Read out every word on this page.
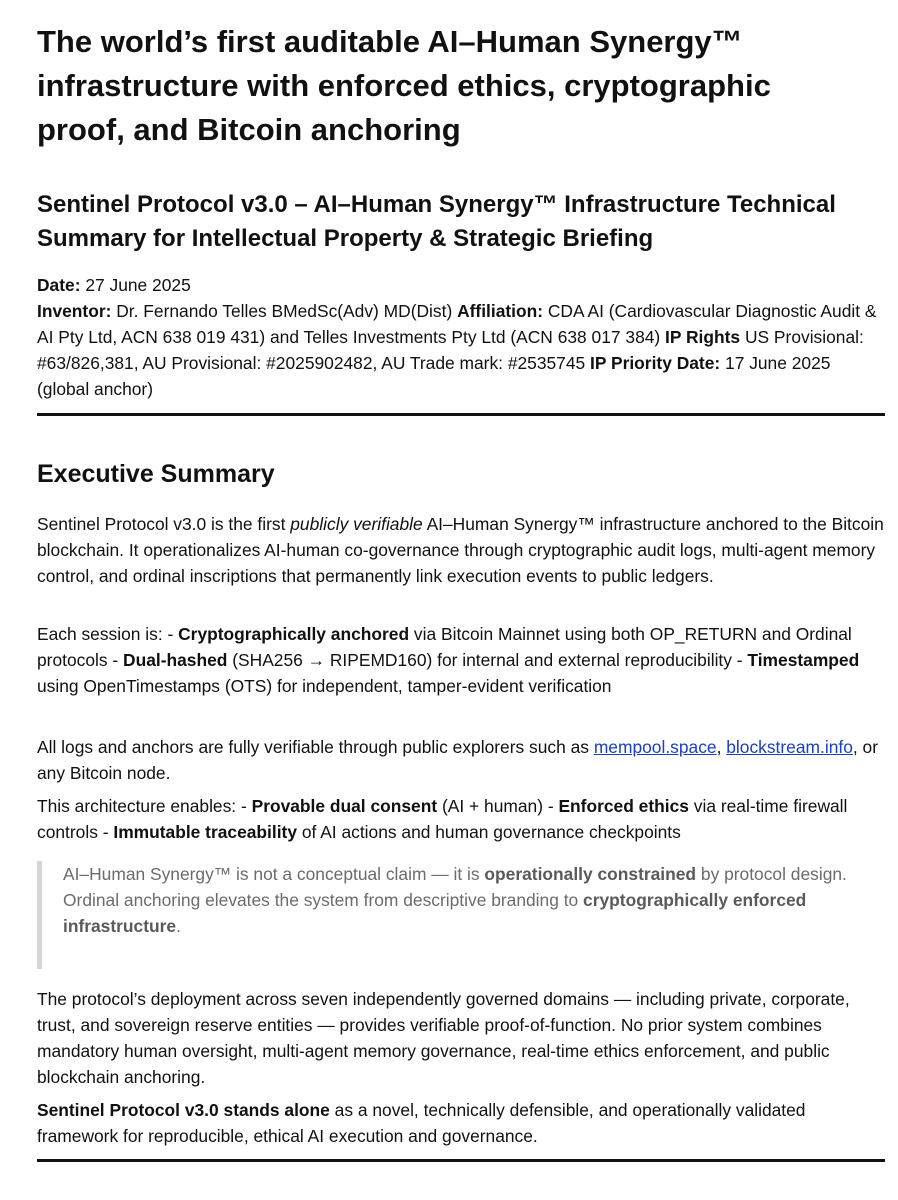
The world’s first auditable AI–Human Synergy™ infrastructure with enforced ethics, cryptographic proof, and Bitcoin anchoring
Sentinel Protocol v3.0 – AI–Human Synergy™ Infrastructure Technical Summary for Intellectual Property & Strategic Briefing

Date: 27 June 2025
Inventor: Dr. Fernando Telles BMedSc(Adv) MD(Dist) Affiliation: CDA AI (Cardiovascular Diagnostic Audit & AI Pty Ltd, ACN 638 019 431) and Telles Investments Pty Ltd (ACN 638 017 384) IP Rights US Provisional: #63/826,381, AU Provisional: #2025902482, AU Trade mark: #2535745 IP Priority Date: 17 June 2025 (global anchor)

Executive Summary

Sentinel Protocol v3.0 is the first publicly verifiable AI–Human Synergy™ infrastructure anchored to the Bitcoin blockchain. It operationalizes AI-human co-governance through cryptographic audit logs, multi-agent memory control, and ordinal inscriptions that permanently link execution events to public ledgers.

Each session is: - Cryptographically anchored via Bitcoin Mainnet using both OP_RETURN and Ordinal protocols - Dual-hashed (SHA256 → RIPEMD160) for internal and external reproducibility - Timestamped using OpenTimestamps (OTS) for independent, tamper-evident verification

All logs and anchors are fully verifiable through public explorers such as mempool.space, blockstream.info, or any Bitcoin node.

This architecture enables: - Provable dual consent (AI + human) - Enforced ethics via real-time firewall controls - Immutable traceability of AI actions and human governance checkpoints

AI–Human Synergy™ is not a conceptual claim — it is operationally constrained by protocol design.
Ordinal anchoring elevates the system from descriptive branding to cryptographically enforced infrastructure.

The protocol’s deployment across seven independently governed domains — including private, corporate, trust, and sovereign reserve entities — provides verifiable proof-of-function. No prior system combines mandatory human oversight, multi-agent memory governance, real-time ethics enforcement, and public blockchain anchoring.

Sentinel Protocol v3.0 stands alone as a novel, technically defensible, and operationally validated framework for reproducible, ethical AI execution and governance.
